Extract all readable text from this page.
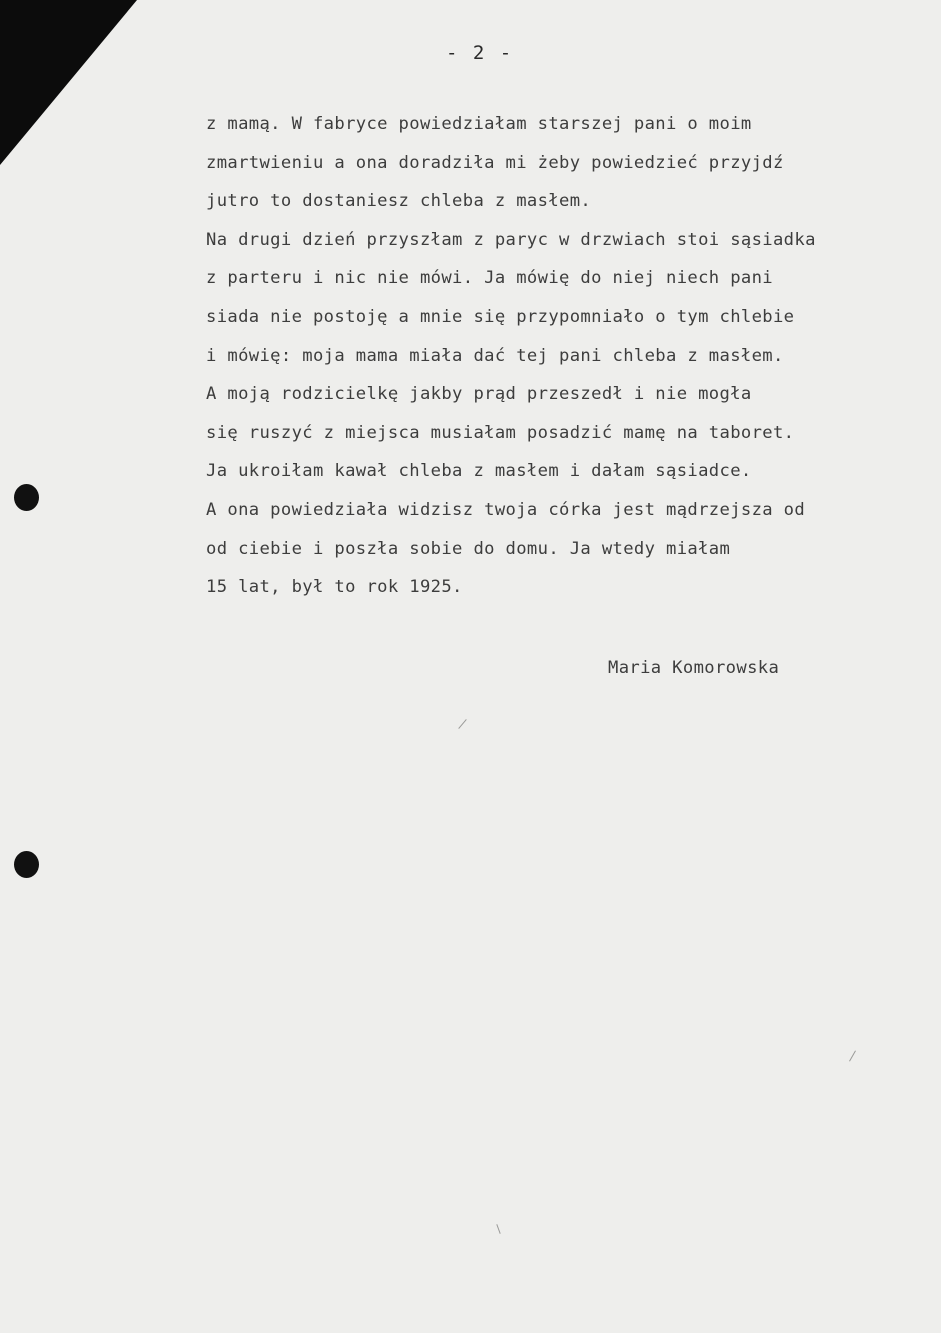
- 2 -
z mamą. W fabryce powiedziałam starszej pani o moim
zmartwieniu a ona doradziła mi żeby powiedzieć przyjdź
jutro to dostaniesz chleba z masłem.
Na drugi dzień przyszłam z paryc w drzwiach stoi sąsiadka
z parteru i nic nie mówi. Ja mówię do niej niech pani
siada nie postoję a mnie się przypomniało o tym chlebie
i mówię: moja mama miała dać tej pani chleba z masłem.
A moją rodzicielkę jakby prąd przeszedł i nie mogła
się ruszyć z miejsca musiałam posadzić mamę na taboret.
Ja ukroiłam kawał chleba z masłem i dałam sąsiadce.
A ona powiedziała widzisz twoja córka jest mądrzejsza od
od ciebie i poszła sobie do domu. Ja wtedy miałam
15 lat, był to rok 1925.
Maria Komorowska
